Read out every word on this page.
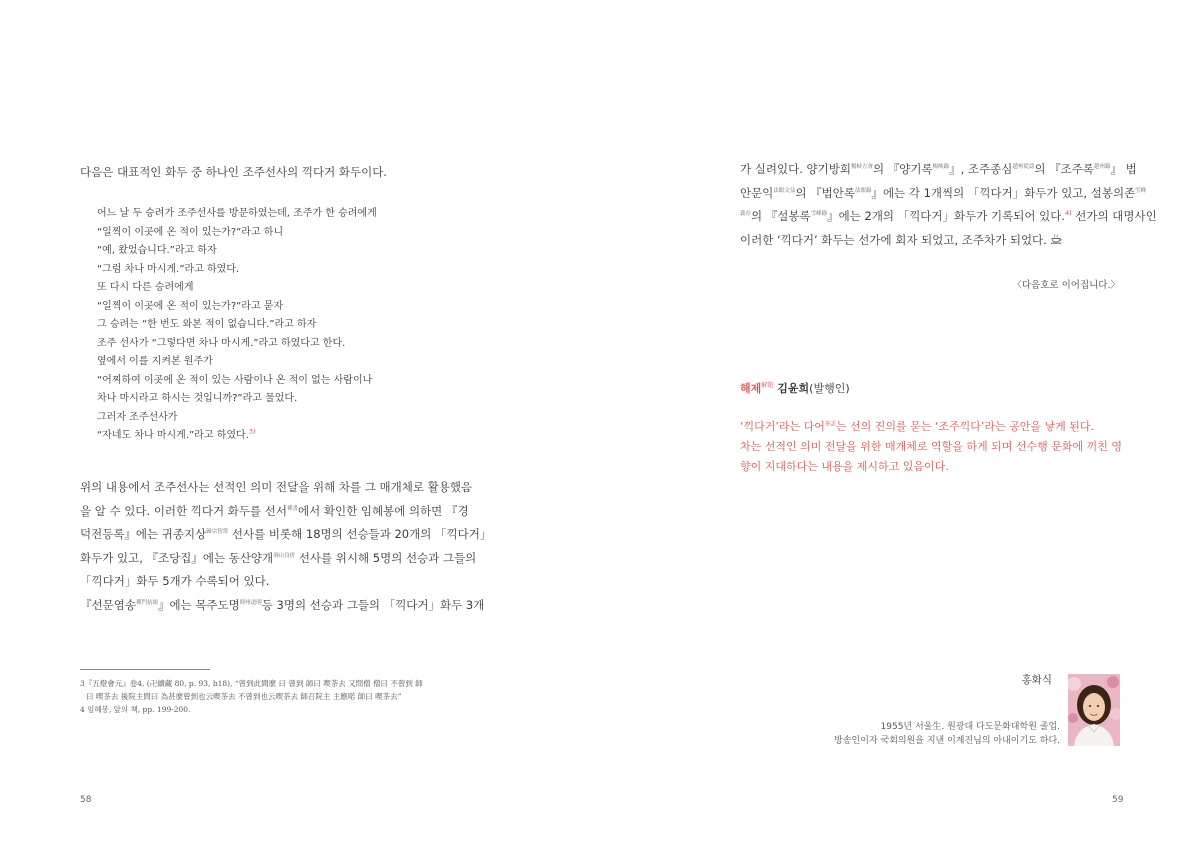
다음은 대표적인 화두 중 하나인 조주선사의 끽다거 화두이다.

어느 날 두 승려가 조주선사를 방문하였는데, 조주가 한 승려에게
“일찍이 이곳에 온 적이 있는가?”라고 하니
“예, 왔었습니다.”라고 하자
“그럼 차나 마시게.”라고 하였다.
또 다시 다른 승려에게
“일찍이 이곳에 온 적이 있는가?”라고 묻자
그 승려는 “한 번도 와본 적이 없습니다.”라고 하자
조주 선사가 “그렇다면 차나 마시게.”라고 하였다고 한다.
옆에서 이를 지켜본 원주가
“어찌하여 이곳에 온 적이 있는 사람이나 온 적이 없는 사람이나
차나 마시라고 하시는 것입니까?”라고 물었다.
그러자 조주선사가
“자네도 차나 마시게.”라고 하였다.$^{3)}$
위의 내용에서 조주선사는 선적인 의미 전달을 위해 차를 그 매개체로 활용했음
을 알 수 있다. 이러한 끽다거 화두를 선서$^{禪書}$에서 확인한 임혜봉에 의하면 『경
덕전등록』에는 귀종지상$^{歸宗智常}$ 선사를 비롯해 18명의 선승들과 20개의 「끽다거」
화두가 있고, 『조당집』에는 동산양개$^{洞山良价}$ 선사를 위시해 5명의 선승과 그들의
「끽다거」화두 5개가 수록되어 있다.
『선문염송$^{禪門拈頌}$』에는 목주도명$^{睦州道明}$등 3명의 선승과 그들의 「끽다거」화두 3개
3『五燈會元』卷4, (卍續藏 80, p. 93, b18), “曾到此間麼 曰 曾到 師曰 喫茶去 又問僧 僧曰 不曾到 師
曰 喫茶去 後院主問曰 為甚麼曾到也云喫茶去 不曾到也云喫茶去 師召院主 主應喏 師曰 喫茶去”
4 임혜봉, 앞의 책, pp. 199-200.
58
가 실려있다. 양기방회$^{楊岐方會}$의 『양기록$^{楊岐錄}$』, 조주종심$^{趙州從諗}$의 『조주록$^{趙州錄}$』 법
안문익$^{法眼文益}$의 『법안록$^{法眼錄}$』에는 각 1개씩의 「끽다거」화두가 있고, 설봉의존$^{雪峰}$
$^{義存}$의 『설봉록$^{雪峰錄}$』에는 2개의 「끽다거」화두가 기록되어 있다.$^{4)}$ 선가의 대명사인
이러한 ‘끽다거’ 화두는 선가에 회자 되었고, 조주차가 되었다.

〈다음호로 이어집니다.〉

해제$^{解題}$ 김윤희(발행인)
‘끽다거’라는 다어$^{茶語}$는 선의 진의를 묻는 ‘조주끽다’라는 공안을 낳게 된다.
차는 선적인 의미 전달을 위한 매개체로 역할을 하게 되며 선수행 문화에 끼친 영
향이 지대하다는 내용을 제시하고 있음이다.

홍화식

1955년 서울生. 원광대 다도문화대학원 졸업.
방송인이자 국회의원을 지낸 이계진님의 아내이기도 하다.
59
